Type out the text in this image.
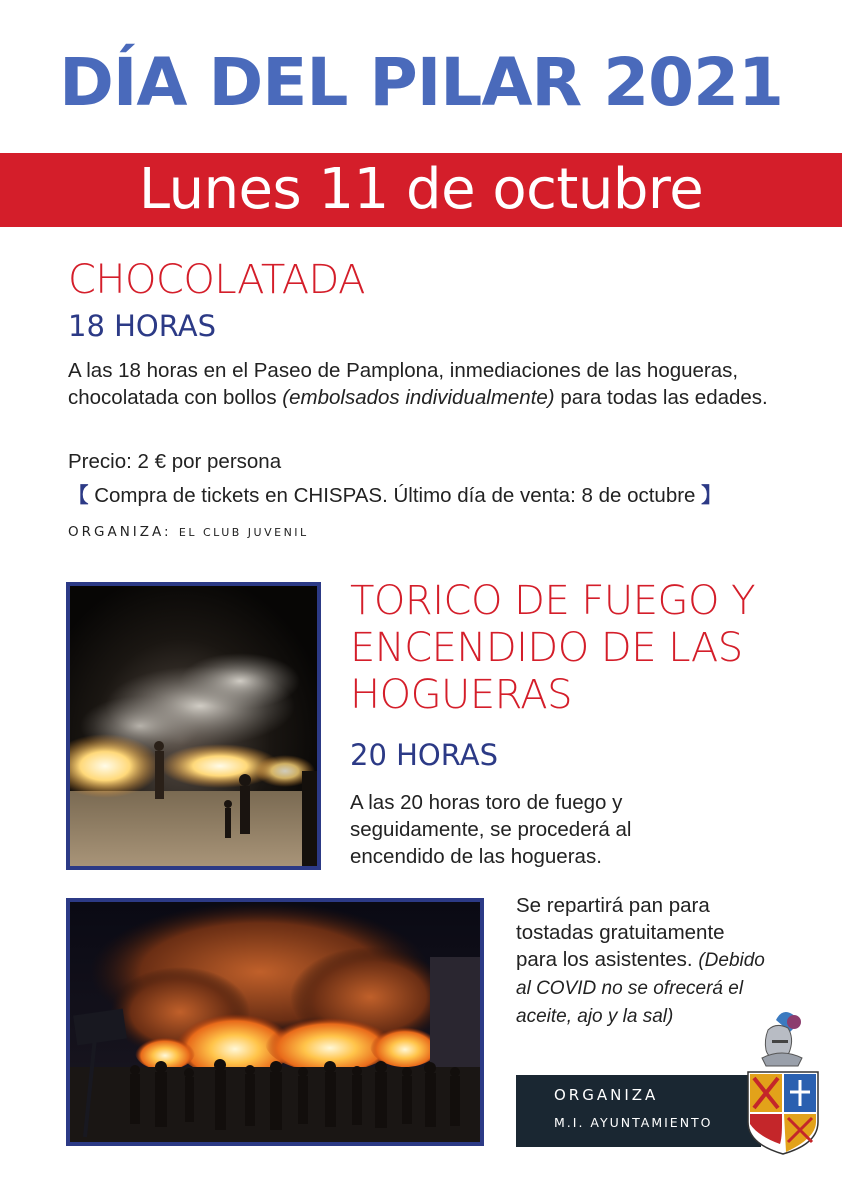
DÍA DEL PILAR 2021
Lunes 11 de octubre
CHOCOLATADA
18 HORAS
A las 18 horas en el Paseo de Pamplona, inmediaciones de las hogueras, chocolatada con bollos (embolsados individualmente) para todas las edades.
Precio: 2 € por persona
【 Compra de tickets en CHISPAS. Último día de venta: 8 de octubre 】
ORGANIZA: EL CLUB JUVENIL
TORICO DE FUEGO Y
ENCENDIDO DE LAS
HOGUERAS
20 HORAS
A las 20 horas toro de fuego y seguidamente, se procederá al encendido de las hogueras.
Se repartirá pan para tostadas gratuitamente para los asistentes. (Debido al COVID no se ofrecerá el aceite, ajo y la sal)
ORGANIZA
M.I. AYUNTAMIENTO
